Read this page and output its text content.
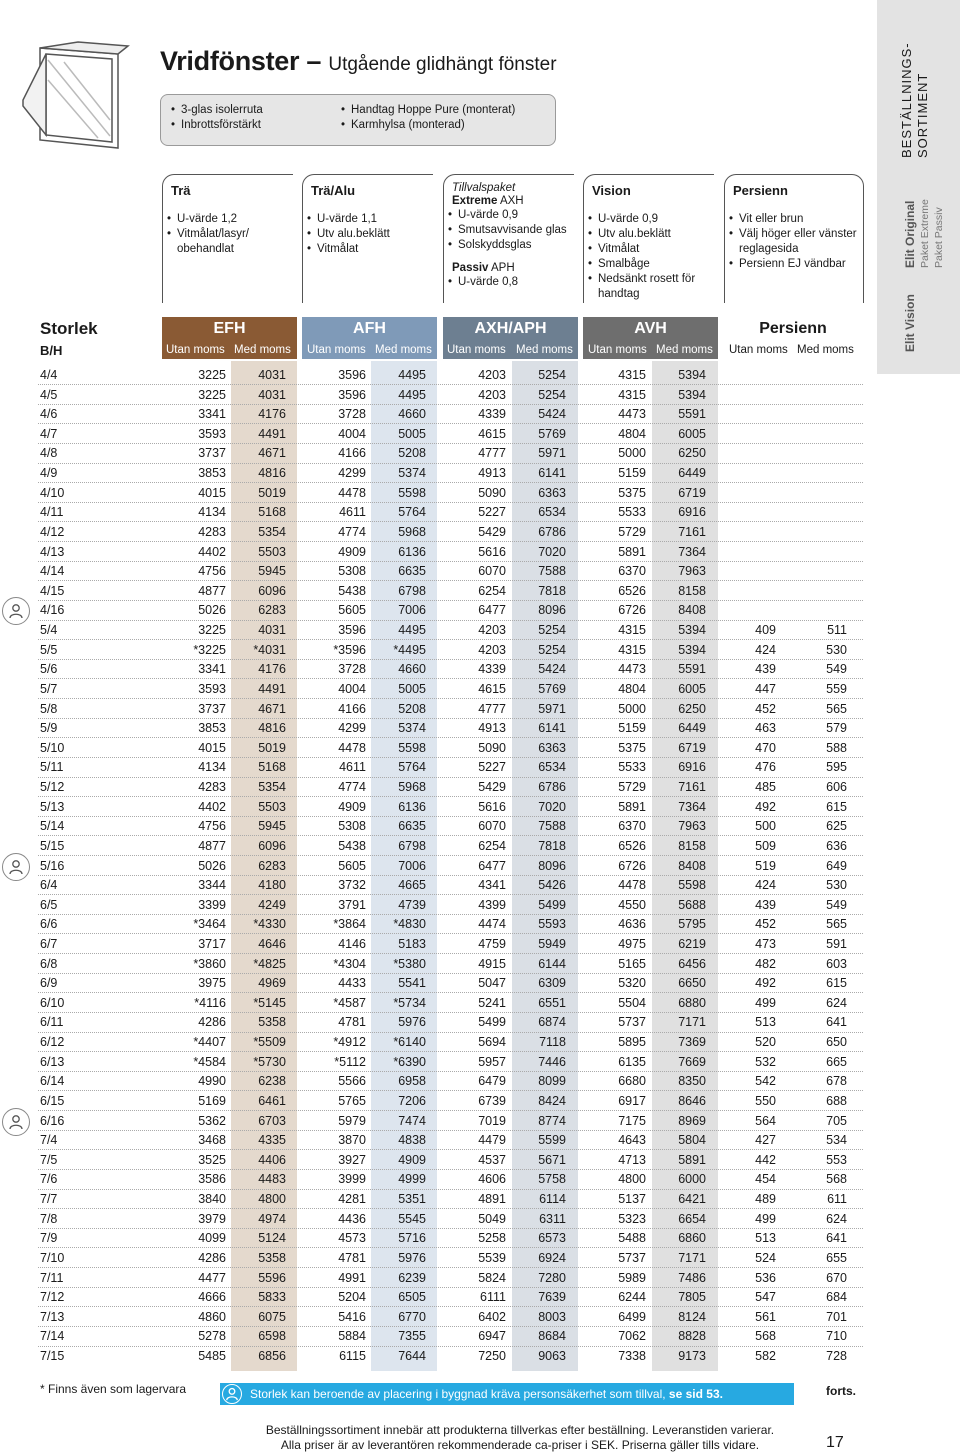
Vridfönster – Utgående glidhängt fönster
• 3-glas isolerruta
• Inbrottsförstärkt
• Handtag Hoppe Pure (monterat)
• Karmhylsa (monterad)
Trä
• U-värde 1,2
• Vitmålat/lasyr/
obehandlat
Trä/Alu
• U-värde 1,1
• Utv alu.beklätt
• Vitmålat
Tillvalspaket
Extreme AXH
• U-värde 0,9
• Smutsavvisande glas
• Solskyddsglas
Passiv APH
• U-värde 0,8
Vision
• U-värde 0,9
• Utv alu.beklätt
• Vitmålat
• Smalbåge
• Nedsänkt rosett för
handtag
Persienn
• Vit eller brun
• Välj höger eller vänster
reglagesida
• Persienn EJ vändbar
BESTÄLLNINGS- SORTIMENT
Elit Original Paket Extreme Paket Passiv
Elit Vision
Storlek
B/H
EFH	AFH	AXH/APH	AVH	Persienn
Utan moms Med moms Utan moms Med moms Utan moms Med moms Utan moms Med moms Utan moms Med moms
4/4	3225	4031	3596	4495	4203	5254	4315	5394
4/5	3225	4031	3596	4495	4203	5254	4315	5394
4/6	3341	4176	3728	4660	4339	5424	4473	5591
4/7	3593	4491	4004	5005	4615	5769	4804	6005
4/8	3737	4671	4166	5208	4777	5971	5000	6250
4/9	3853	4816	4299	5374	4913	6141	5159	6449
4/10	4015	5019	4478	5598	5090	6363	5375	6719
4/11	4134	5168	4611	5764	5227	6534	5533	6916
4/12	4283	5354	4774	5968	5429	6786	5729	7161
4/13	4402	5503	4909	6136	5616	7020	5891	7364
4/14	4756	5945	5308	6635	6070	7588	6370	7963
4/15	4877	6096	5438	6798	6254	7818	6526	8158
4/16	5026	6283	5605	7006	6477	8096	6726	8408
5/4	3225	4031	3596	4495	4203	5254	4315	5394	409	511
5/5	*3225	*4031	*3596	*4495	4203	5254	4315	5394	424	530
5/6	3341	4176	3728	4660	4339	5424	4473	5591	439	549
5/7	3593	4491	4004	5005	4615	5769	4804	6005	447	559
5/8	3737	4671	4166	5208	4777	5971	5000	6250	452	565
5/9	3853	4816	4299	5374	4913	6141	5159	6449	463	579
5/10	4015	5019	4478	5598	5090	6363	5375	6719	470	588
5/11	4134	5168	4611	5764	5227	6534	5533	6916	476	595
5/12	4283	5354	4774	5968	5429	6786	5729	7161	485	606
5/13	4402	5503	4909	6136	5616	7020	5891	7364	492	615
5/14	4756	5945	5308	6635	6070	7588	6370	7963	500	625
5/15	4877	6096	5438	6798	6254	7818	6526	8158	509	636
5/16	5026	6283	5605	7006	6477	8096	6726	8408	519	649
6/4	3344	4180	3732	4665	4341	5426	4478	5598	424	530
6/5	3399	4249	3791	4739	4399	5499	4550	5688	439	549
6/6	*3464	*4330	*3864	*4830	4474	5593	4636	5795	452	565
6/7	3717	4646	4146	5183	4759	5949	4975	6219	473	591
6/8	*3860	*4825	*4304	*5380	4915	6144	5165	6456	482	603
6/9	3975	4969	4433	5541	5047	6309	5320	6650	492	615
6/10	*4116	*5145	*4587	*5734	5241	6551	5504	6880	499	624
6/11	4286	5358	4781	5976	5499	6874	5737	7171	513	641
6/12	*4407	*5509	*4912	*6140	5694	7118	5895	7369	520	650
6/13	*4584	*5730	*5112	*6390	5957	7446	6135	7669	532	665
6/14	4990	6238	5566	6958	6479	8099	6680	8350	542	678
6/15	5169	6461	5765	7206	6739	8424	6917	8646	550	688
6/16	5362	6703	5979	7474	7019	8774	7175	8969	564	705
7/4	3468	4335	3870	4838	4479	5599	4643	5804	427	534
7/5	3525	4406	3927	4909	4537	5671	4713	5891	442	553
7/6	3586	4483	3999	4999	4606	5758	4800	6000	454	568
7/7	3840	4800	4281	5351	4891	6114	5137	6421	489	611
7/8	3979	4974	4436	5545	5049	6311	5323	6654	499	624
7/9	4099	5124	4573	5716	5258	6573	5488	6860	513	641
7/10	4286	5358	4781	5976	5539	6924	5737	7171	524	655
7/11	4477	5596	4991	6239	5824	7280	5989	7486	536	670
7/12	4666	5833	5204	6505	6111	7639	6244	7805	547	684
7/13	4860	6075	5416	6770	6402	8003	6499	8124	561	701
7/14	5278	6598	5884	7355	6947	8684	7062	8828	568	710
7/15	5485	6856	6115	7644	7250	9063	7338	9173	582	728
* Finns även som lagervara	Storlek kan beroende av placering i byggnad kräva personsäkerhet som tillval, se sid 53.	forts.
Beställningssortiment innebär att produkterna tillverkas efter beställning. Leveranstiden varierar.
Alla priser är av leverantören rekommenderade ca-priser i SEK. Priserna gäller tills vidare.	17
